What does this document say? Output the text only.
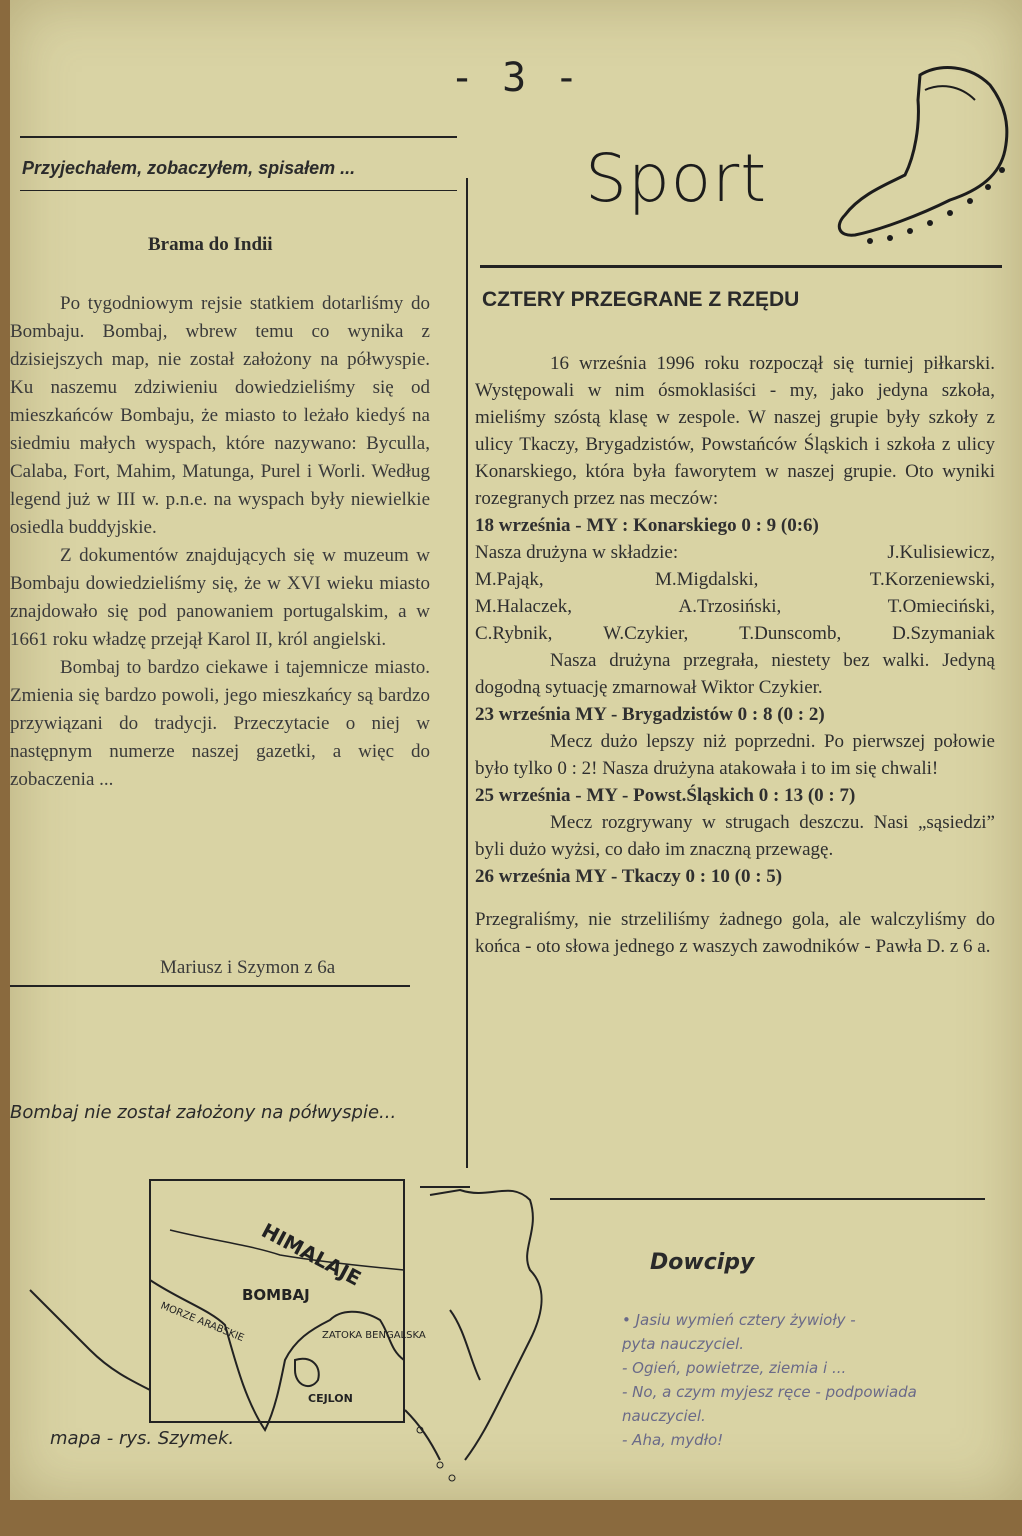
- 3 -
Przyjechałem, zobaczyłem, spisałem ...
Brama do Indii

Po tygodniowym rejsie statkiem dotarliśmy do Bombaju. Bombaj, wbrew temu co wynika z dzisiejszych map, nie został założony na półwyspie. Ku naszemu zdziwieniu dowiedzieliśmy się od mieszkańców Bombaju, że miasto to leżało kiedyś na siedmiu małych wyspach, które nazywano: Byculla, Calaba, Fort, Mahim, Matunga, Purel i Worli. Według legend już w III w. p.n.e. na wyspach były niewielkie osiedla buddyjskie.

Z dokumentów znajdujących się w muzeum w Bombaju dowiedzieliśmy się, że w XVI wieku miasto znajdowało się pod panowaniem portugalskim, a w 1661 roku władzę przejął Karol II, król angielski.

Bombaj to bardzo ciekawe i tajemnicze miasto. Zmienia się bardzo powoli, jego mieszkańcy są bardzo przywiązani do tradycji. Przeczytacie o niej w następnym numerze naszej gazetki, a więc do zobaczenia ...

Mariusz i Szymon z 6a
Bombaj nie został założony na półwyspie...
HIMALAJE
BOMBAJ
MORZE ARABSKIE	ZATOKA BENGALSKA
CEJLON
mapa - rys. Szymek.
Sport
CZTERY PRZEGRANE Z RZĘDU
16 września 1996 roku rozpoczął się turniej piłkarski. Występowali w nim ósmoklasiści - my, jako jedyna szkoła, mieliśmy szóstą klasę w zespole. W naszej grupie były szkoły z ulicy Tkaczy, Brygadzistów, Powstańców Śląskich i szkoła z ulicy Konarskiego, która była faworytem w naszej grupie. Oto wyniki rozegranych przez nas meczów:
18 września - MY : Konarskiego 0 : 9 (0:6)
Nasza drużyna w składzie:	J.Kulisiewicz,
M.Pająk,	M.Migdalski,	T.Korzeniewski,
M.Halaczek,	A.Trzosiński,	T.Omieciński,
C.Rybnik,	W.Czykier,	T.Dunscomb,	D.Szymaniak
Nasza drużyna przegrała, niestety bez walki. Jedyną dogodną sytuację zmarnował Wiktor Czykier.
23 września MY - Brygadzistów 0 : 8 (0 : 2)
Mecz dużo lepszy niż poprzedni. Po pierwszej połowie było tylko 0 : 2! Nasza drużyna atakowała i to im się chwali!
25 września - MY - Powst.Śląskich 0 : 13 (0 : 7)
Mecz rozgrywany w strugach deszczu. Nasi „sąsiedzi” byli dużo wyżsi, co dało im znaczną przewagę.
26 września MY - Tkaczy 0 : 10 (0 : 5)
Przegraliśmy, nie strzeliliśmy żadnego gola, ale walczyliśmy do końca - oto słowa jednego z waszych zawodników - Pawła D. z 6 a.
Dowcipy
• Jasiu wymień cztery żywioły -
pyta nauczyciel.
- Ogień, powietrze, ziemia i ...
- No, a czym myjesz ręce - podpowiada
nauczyciel.
- Aha, mydło!
